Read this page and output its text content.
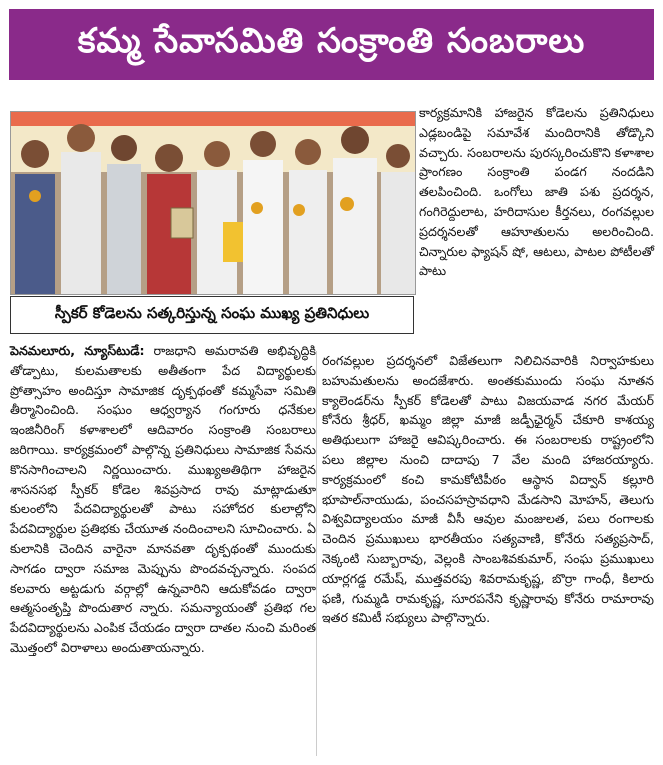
కమ్మ సేవాసమితి సంక్రాంతి సంబరాలు
స్పీకర్ కోడెలను సత్కరిస్తున్న సంఘ ముఖ్య ప్రతినిధులు

కార్యక్రమానికి హాజరైన కోడెలను ప్రతినిధులు ఎడ్లబండిపై సమావేశ మందిరానికి తోడ్కొని వచ్చారు. సంబరాలను పురస్కరించుకొని కళాశాల ప్రాంగణం సంక్రాంతి పండగ నందడిని తలపించింది. ఒంగోలు జాతి పశు ప్రదర్శన, గంగిరెద్దులాట, హరిదాసుల కీర్తనలు, రంగవల్లుల ప్రదర్శనలతో ఆహూతులను అలరించింది. చిన్నారుల ఫ్యాషన్ షో, ఆటలు, పాటల పోటీలతో పాటు

పెనమలూరు, న్యూస్‌టుడే: రాజధాని అమరావతి అభివృద్ధికి తోడ్పాటు, కులమతాలకు అతీతంగా పేద విద్యార్థులకు ప్రోత్సాహం అందిస్తూ సామాజిక దృక్పథంతో కమ్మసేవా సమితి తీర్మానించింది. సంఘం ఆధ్వర్యాన గంగూరు ధనేకుల ఇంజినీరింగ్ కళాశాలలో ఆదివారం సంక్రాంతి సంబరాలు జరిగాయి. కార్యక్రమంలో పాల్గొన్న ప్రతినిధులు సామాజిక సేవను కొనసాగించాలని నిర్ణయించారు. ముఖ్యఅతిథిగా హాజరైన శాసనసభ స్పీకర్ కోడెల శివప్రసాద రావు మాట్లాడుతూ కులంలోని పేదవిద్యార్థులతో పాటు సహోదర కులాల్లోని పేదవిద్యార్థుల ప్రతిభకు చేయూత నందించాలని సూచించారు. ఏ కులానికి చెందిన వారైనా మానవతా దృక్పథంతో ముందుకు సాగడం ద్వారా సమాజ మెప్పును పొందవచ్చన్నారు. సంపద కలవారు అట్టడుగు వర్గాల్లో ఉన్నవారిని ఆదుకోవడం ద్వారా ఆత్మసంతృప్తి పొందుతార న్నారు. సమన్యాయంతో ప్రతిభ గల పేదవిద్యార్థులను ఎంపిక చేయడం ద్వారా దాతల నుంచి మరింత మొత్తంలో విరాళాలు అందుతాయన్నారు.

రంగవల్లుల ప్రదర్శనలో విజేతలుగా నిలిచినవారికి నిర్వాహకులు బహుమతులను అందజేశారు. అంతకుముందు సంఘ నూతన క్యాలెండర్‌ను స్పీకర్ కోడెలతో పాటు విజయవాడ నగర మేయర్ కోనేరు శ్రీధర్, ఖమ్మం జిల్లా మాజీ జడ్పీఛైర్మన్ చేకూరి కాశయ్య అతిథులుగా హాజరై ఆవిష్కరించారు. ఈ సంబరాలకు రాష్ట్రంలోని పలు జిల్లాల నుంచి దాదాపు 7 వేల మంది హాజరయ్యారు. కార్యక్రమంలో కంచి కామకోటిపీఠం ఆస్థాన విద్వాన్ కల్లూరి భూపాల్‌నాయుడు, పంచసహస్రావధాని మేడసాని మోహన్, తెలుగు విశ్వవిద్యాలయం మాజీ వీసీ ఆవుల మంజులత, పలు రంగాలకు చెందిన ప్రముఖులు భారతీయం సత్యవాణి, కోనేరు సత్యప్రసాద్, నెక్కంటి సుబ్బారావు, వెల్లంకి సాంబశివకుమార్, సంఘ ప్రముఖులు యార్లగడ్డ రమేష్, ముత్తవరపు శివరామకృష్ణ, బొర్రా గాంధీ, కిలారు ఫణి, గుమ్మడి రామకృష్ణ, సూరపనేని కృష్ణారావు కోనేరు రామారావు ఇతర కమిటీ సభ్యులు పాల్గొన్నారు.
